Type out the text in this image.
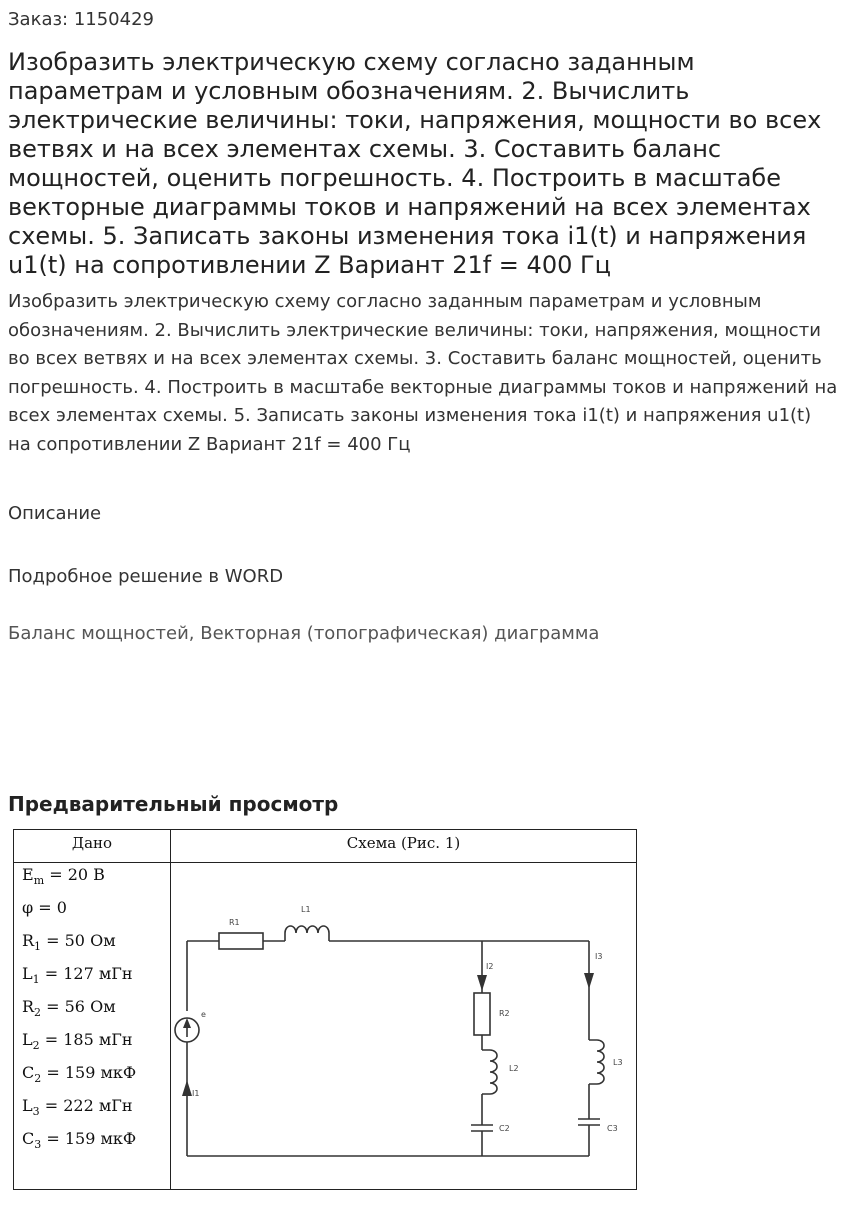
Заказ: 1150429
Изобразить электрическую схему согласно заданным параметрам и условным обозначениям. 2. Вычислить электрические величины: токи, напряжения, мощности во всех ветвях и на всех элементах схемы. 3. Составить баланс мощностей, оценить погрешность. 4. Построить в масштабе векторные диаграммы токов и напряжений на всех элементах схемы. 5. Записать законы изменения тока i1(t) и напряжения u1(t) на сопротивлении Z Вариант 21f = 400 Гц

Изобразить электрическую схему согласно заданным параметрам и условным обозначениям. 2. Вычислить электрические величины: токи, напряжения, мощности во всех ветвях и на всех элементах схемы. 3. Составить баланс мощностей, оценить погрешность. 4. Построить в масштабе векторные диаграммы токов и напряжений на всех элементах схемы. 5. Записать законы изменения тока i1(t) и напряжения u1(t) на сопротивлении Z Вариант 21f = 400 Гц

Описание
Подробное решение в WORD
Баланс мощностей, Векторная (топографическая) диаграмма
Предварительный просмотр
Дано	Схема (Рис. 1)
$E_m = 20$ В
φ = 0
$R_1 = 50$ Ом
$L_1 = 127$ мГн
$R_2 = 56$ Ом
$L_2 = 185$ мГн
$C_2 = 159$ мкФ
$L_3 = 222$ мГн
$C_3 = 159$ мкФ
R1
L1
I2
I3
R2
L2
C2
L3
C3
e
I1
